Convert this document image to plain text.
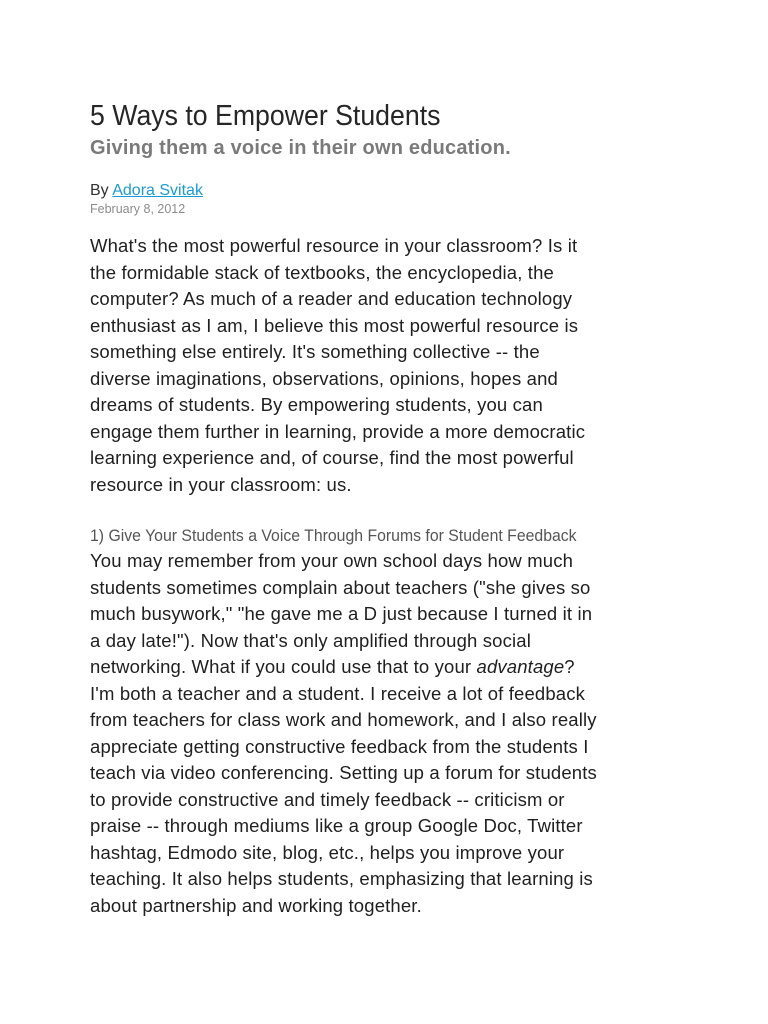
5 Ways to Empower Students
Giving them a voice in their own education.
By Adora Svitak
February 8, 2012

What's the most powerful resource in your classroom? Is it
the formidable stack of textbooks, the encyclopedia, the
computer? As much of a reader and education technology
enthusiast as I am, I believe this most powerful resource is
something else entirely. It's something collective -- the
diverse imaginations, observations, opinions, hopes and
dreams of students. By empowering students, you can
engage them further in learning, provide a more democratic
learning experience and, of course, find the most powerful
resource in your classroom: us.

1) Give Your Students a Voice Through Forums for Student Feedback

You may remember from your own school days how much
students sometimes complain about teachers ("she gives so
much busywork," "he gave me a D just because I turned it in
a day late!"). Now that's only amplified through social
networking. What if you could use that to your advantage?
I'm both a teacher and a student. I receive a lot of feedback
from teachers for class work and homework, and I also really
appreciate getting constructive feedback from the students I
teach via video conferencing. Setting up a forum for students
to provide constructive and timely feedback -- criticism or
praise -- through mediums like a group Google Doc, Twitter
hashtag, Edmodo site, blog, etc., helps you improve your
teaching. It also helps students, emphasizing that learning is
about partnership and working together.
